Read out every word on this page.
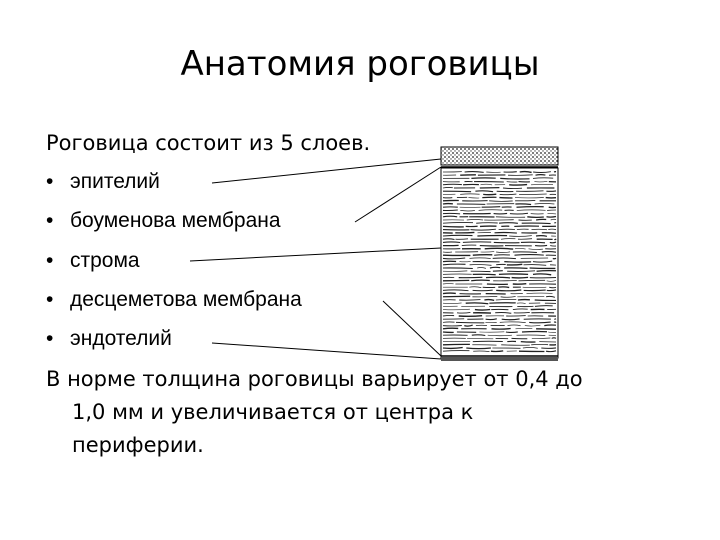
Анатомия роговицы
Роговица состоит из 5 слоев.
• эпителий
• боуменова мембрана
• строма
• десцеметова мембрана
• эндотелий
В норме толщина роговицы варьирует от 0,4 до
1,0 мм и увеличивается от центра к
периферии.
